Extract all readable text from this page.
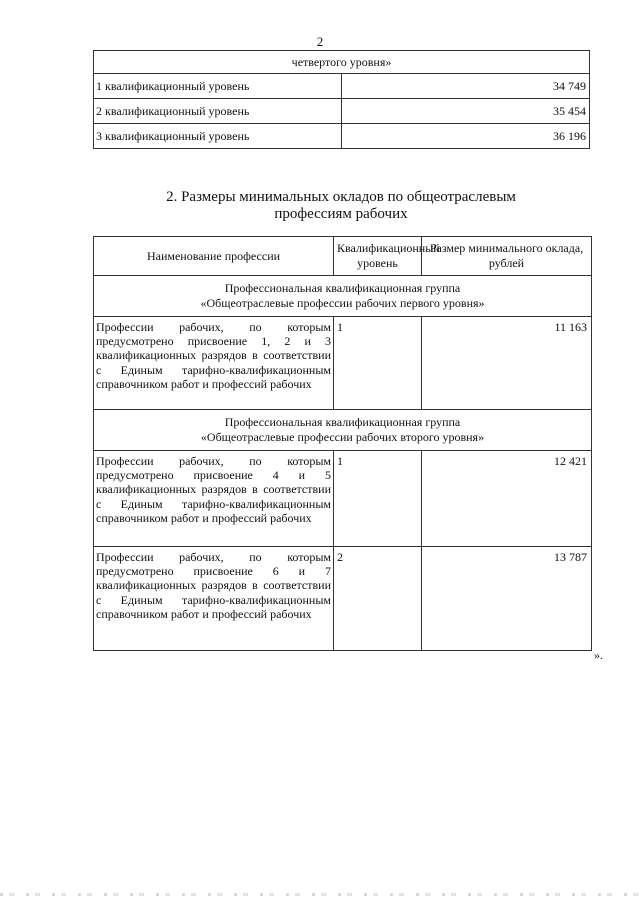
2
четвертого уровня»	
1 квалификационный уровень	34 749
2 квалификационный уровень	35 454
3 квалификационный уровень	36 196
2. Размеры минимальных окладов по общеотраслевым
профессиям рабочих
Наименование профессии	Квалификационный уровень	Размер минимального оклада, рублей

Профессиональная квалификационная группа
«Общеотраслевые профессии рабочих первого уровня»		

Профессии рабочих, по которым предусмотрено присвоение 1, 2 и 3 квалификационных разрядов в соответствии с Единым тарифно-квалификационным справочником работ и профессий рабочих	1	11 163

Профессиональная квалификационная группа
«Общеотраслевые профессии рабочих второго уровня»		

Профессии рабочих, по которым предусмотрено присвоение 4 и 5 квалификационных разрядов в соответствии с Единым тарифно-квалификационным справочником работ и профессий рабочих	1	12 421
Профессии рабочих, по которым предусмотрено присвоение 6 и 7 квалификационных разрядов в соответствии с Единым тарифно-квалификационным справочником работ и профессий рабочих	2	13 787
».
